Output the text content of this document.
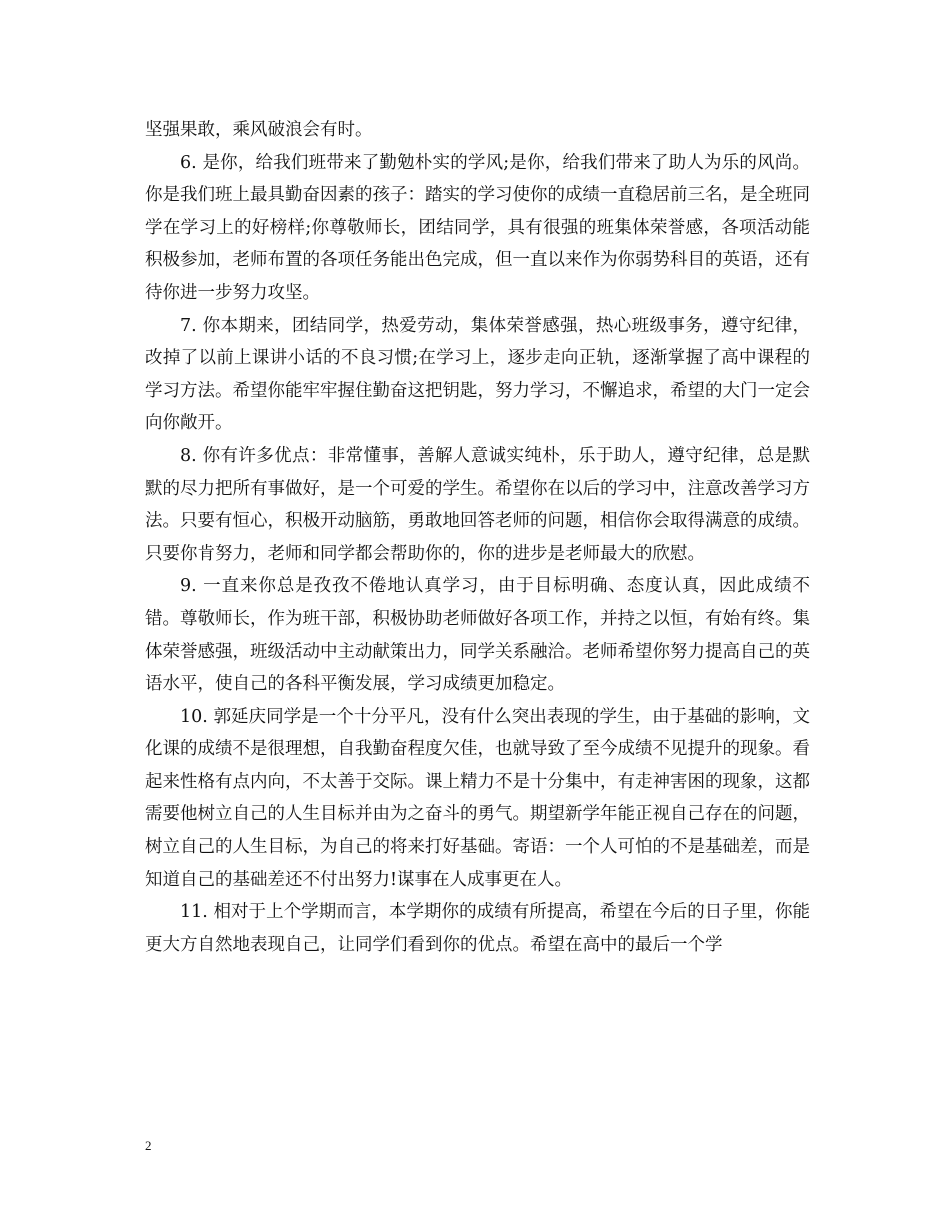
坚强果敢，乘风破浪会有时。

6. 是你，给我们班带来了勤勉朴实的学风;是你，给我们带来了助人为乐的风尚。你是我们班上最具勤奋因素的孩子：踏实的学习使你的成绩一直稳居前三名，是全班同学在学习上的好榜样;你尊敬师长，团结同学，具有很强的班集体荣誉感，各项活动能积极参加，老师布置的各项任务能出色完成，但一直以来作为你弱势科目的英语，还有待你进一步努力攻坚。

7. 你本期来，团结同学，热爱劳动，集体荣誉感强，热心班级事务，遵守纪律，改掉了以前上课讲小话的不良习惯;在学习上，逐步走向正轨，逐渐掌握了高中课程的学习方法。希望你能牢牢握住勤奋这把钥匙，努力学习，不懈追求，希望的大门一定会向你敞开。

8. 你有许多优点：非常懂事，善解人意诚实纯朴，乐于助人，遵守纪律，总是默默的尽力把所有事做好，是一个可爱的学生。希望你在以后的学习中，注意改善学习方法。只要有恒心，积极开动脑筋，勇敢地回答老师的问题，相信你会取得满意的成绩。只要你肯努力，老师和同学都会帮助你的，你的进步是老师最大的欣慰。

9. 一直来你总是孜孜不倦地认真学习，由于目标明确、态度认真，因此成绩不错。尊敬师长，作为班干部，积极协助老师做好各项工作，并持之以恒，有始有终。集体荣誉感强，班级活动中主动献策出力，同学关系融洽。老师希望你努力提高自己的英语水平，使自己的各科平衡发展，学习成绩更加稳定。

10. 郭延庆同学是一个十分平凡，没有什么突出表现的学生，由于基础的影响，文化课的成绩不是很理想，自我勤奋程度欠佳，也就导致了至今成绩不见提升的现象。看起来性格有点内向，不太善于交际。课上精力不是十分集中，有走神害困的现象，这都需要他树立自己的人生目标并由为之奋斗的勇气。期望新学年能正视自己存在的问题，树立自己的人生目标，为自己的将来打好基础。寄语：一个人可怕的不是基础差，而是知道自己的基础差还不付出努力!谋事在人成事更在人。

11. 相对于上个学期而言，本学期你的成绩有所提高，希望在今后的日子里，你能更大方自然地表现自己，让同学们看到你的优点。希望在高中的最后一个学

2
